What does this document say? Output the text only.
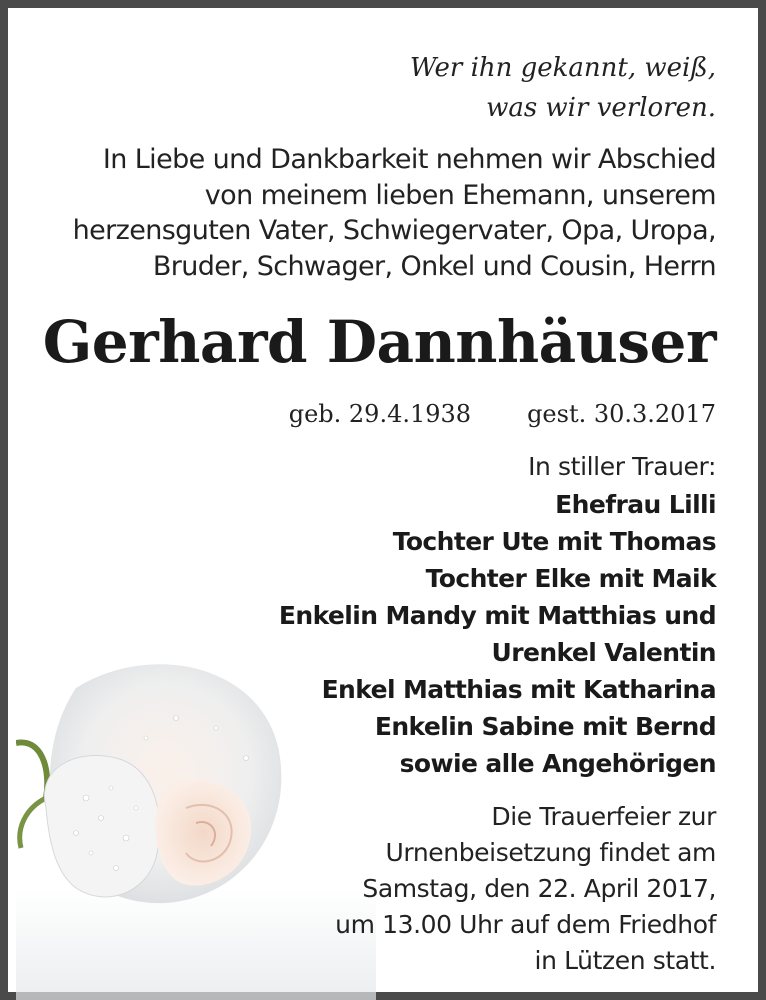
Wer ihn gekannt, weiß,
was wir verloren.

In Liebe und Dankbarkeit nehmen wir Abschied
von meinem lieben Ehemann, unserem
herzensguten Vater, Schwiegervater, Opa, Uropa,
Bruder, Schwager, Onkel und Cousin, Herrn

Gerhard Dannhäuser

geb. 29.4.1938 gest. 30.3.2017

In stiller Trauer:

Ehefrau Lilli

Tochter Ute mit Thomas

Tochter Elke mit Maik

Enkelin Mandy mit Matthias und

Urenkel Valentin

Enkel Matthias mit Katharina

Enkelin Sabine mit Bernd

sowie alle Angehörigen

Die Trauerfeier zur
Urnenbeisetzung findet am
Samstag, den 22. April 2017,
um 13.00 Uhr auf dem Friedhof
in Lützen statt.
